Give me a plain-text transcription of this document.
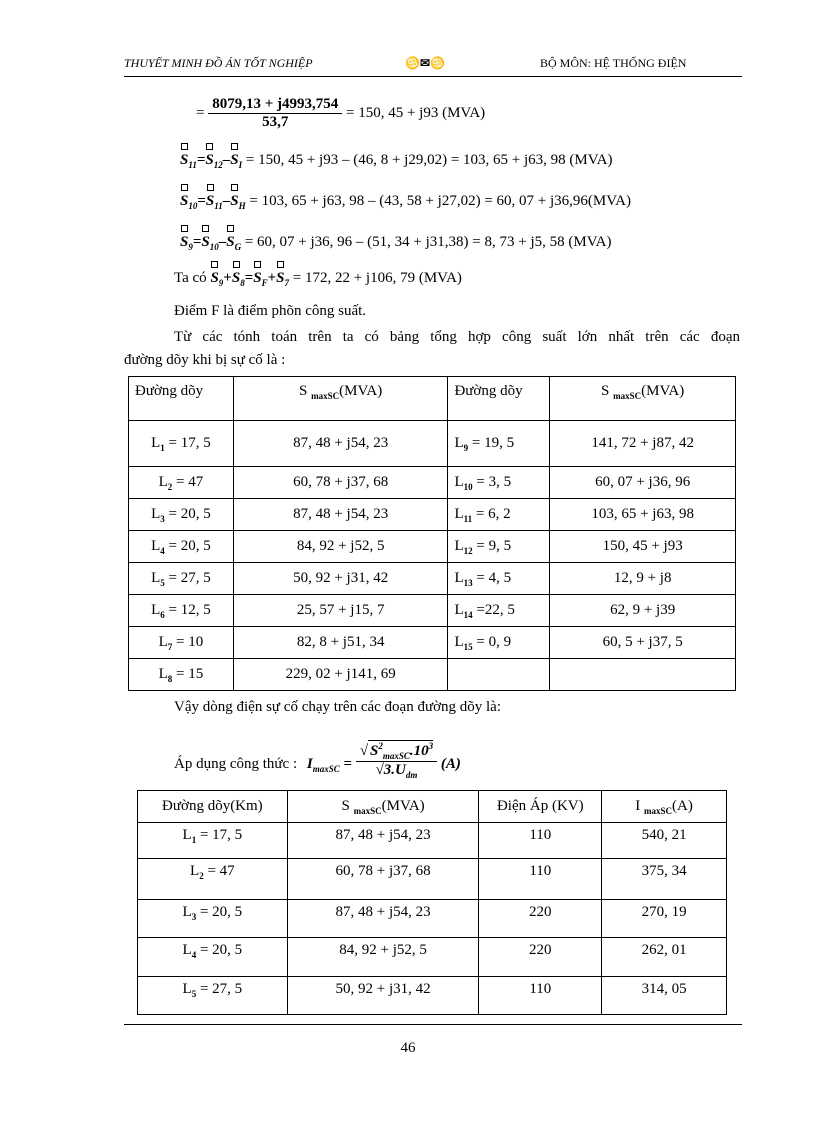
THUYẾT MINH ĐỒ ÁN TỐT NGHIỆP	♋✉♋	BỘ MÔN: HỆ THỐNG ĐIỆN
= $\frac{8079,13 + j4993,754}{53,7} = 150$, 45 + j93 (MVA)
$S_{11}=$
$S_{12}-$
$S_I = 150$, 45 + j93 – (46, 8 + j29,02) = 103, 65 + j63, 98 (MVA)
$S_{10}=$
$S_{11}-$
$S_H = 103$, 65 + j63, 98 – (43, 58 + j27,02) = 60, 07 + j36,96(MVA)
$S_9=$
$S_{10}-$
$S_G = 60$, 07 + j36, 96 – (51, 34 + j31,38) = 8, 73 + j5, 58 (MVA)
Ta có $S_9+$
$S_8=$
$S_F+$
$S_7 = 172$, 22 + j106, 79 (MVA)
Điểm F là điểm phõn công suất.
Từ các tónh toán trên ta có bảng tổng hợp công suất lớn nhất trên các đoạn
đường dõy khi bị sự cố là :
Đường dõy	S $_{maxSC}$(MVA)	Đường dõy	S $_{maxSC}$(MVA)
$L_1 = 17$, 5	87, 48 + j54, 23	$L_9 = 19$, 5	141, 72 + j87, 42
$L_2 = 47$	60, 78 + j37, 68	$L_{10} = 3$, 5	60, 07 + j36, 96
$L_3 = 20$, 5	87, 48 + j54, 23	$L_{11} = 6$, 2	103, 65 + j63, 98
$L_4 = 20$, 5	84, 92 + j52, 5	$L_{12} = 9$, 5	150, 45 + j93
$L_5 = 27$, 5	50, 92 + j31, 42	$L_{13} = 4$, 5	12, 9 + j8
$L_6 = 12$, 5	25, 57 + j15, 7	$L_{14} =22$, 5	62, 9 + j39
$L_7 = 10$	82, 8 + j51, 34	$L_{15} = 0$, 9	60, 5 + j37, 5
$L_8 = 15$	229, 02 + j141, 69		
Vậy dòng điện sự cố chạy trên các đoạn đường dõy là:
Áp dụng công thức : $I_{maxSC} = \frac{√ S^2_{maxSC}.10^3}{√3.U_{dm}} (A)$
Đường dõy(Km)	S $_{maxSC}$(MVA)	Điện Áp (KV)	I $_{maxSC}$(A)
$L_1 = 17$, 5	87, 48 + j54, 23	110	540, 21
$L_2 = 47$	60, 78 + j37, 68	110	375, 34
$L_3 = 20$, 5	87, 48 + j54, 23	220	270, 19
$L_4 = 20$, 5	84, 92 + j52, 5	220	262, 01
$L_5 = 27$, 5	50, 92 + j31, 42	110	314, 05
46
